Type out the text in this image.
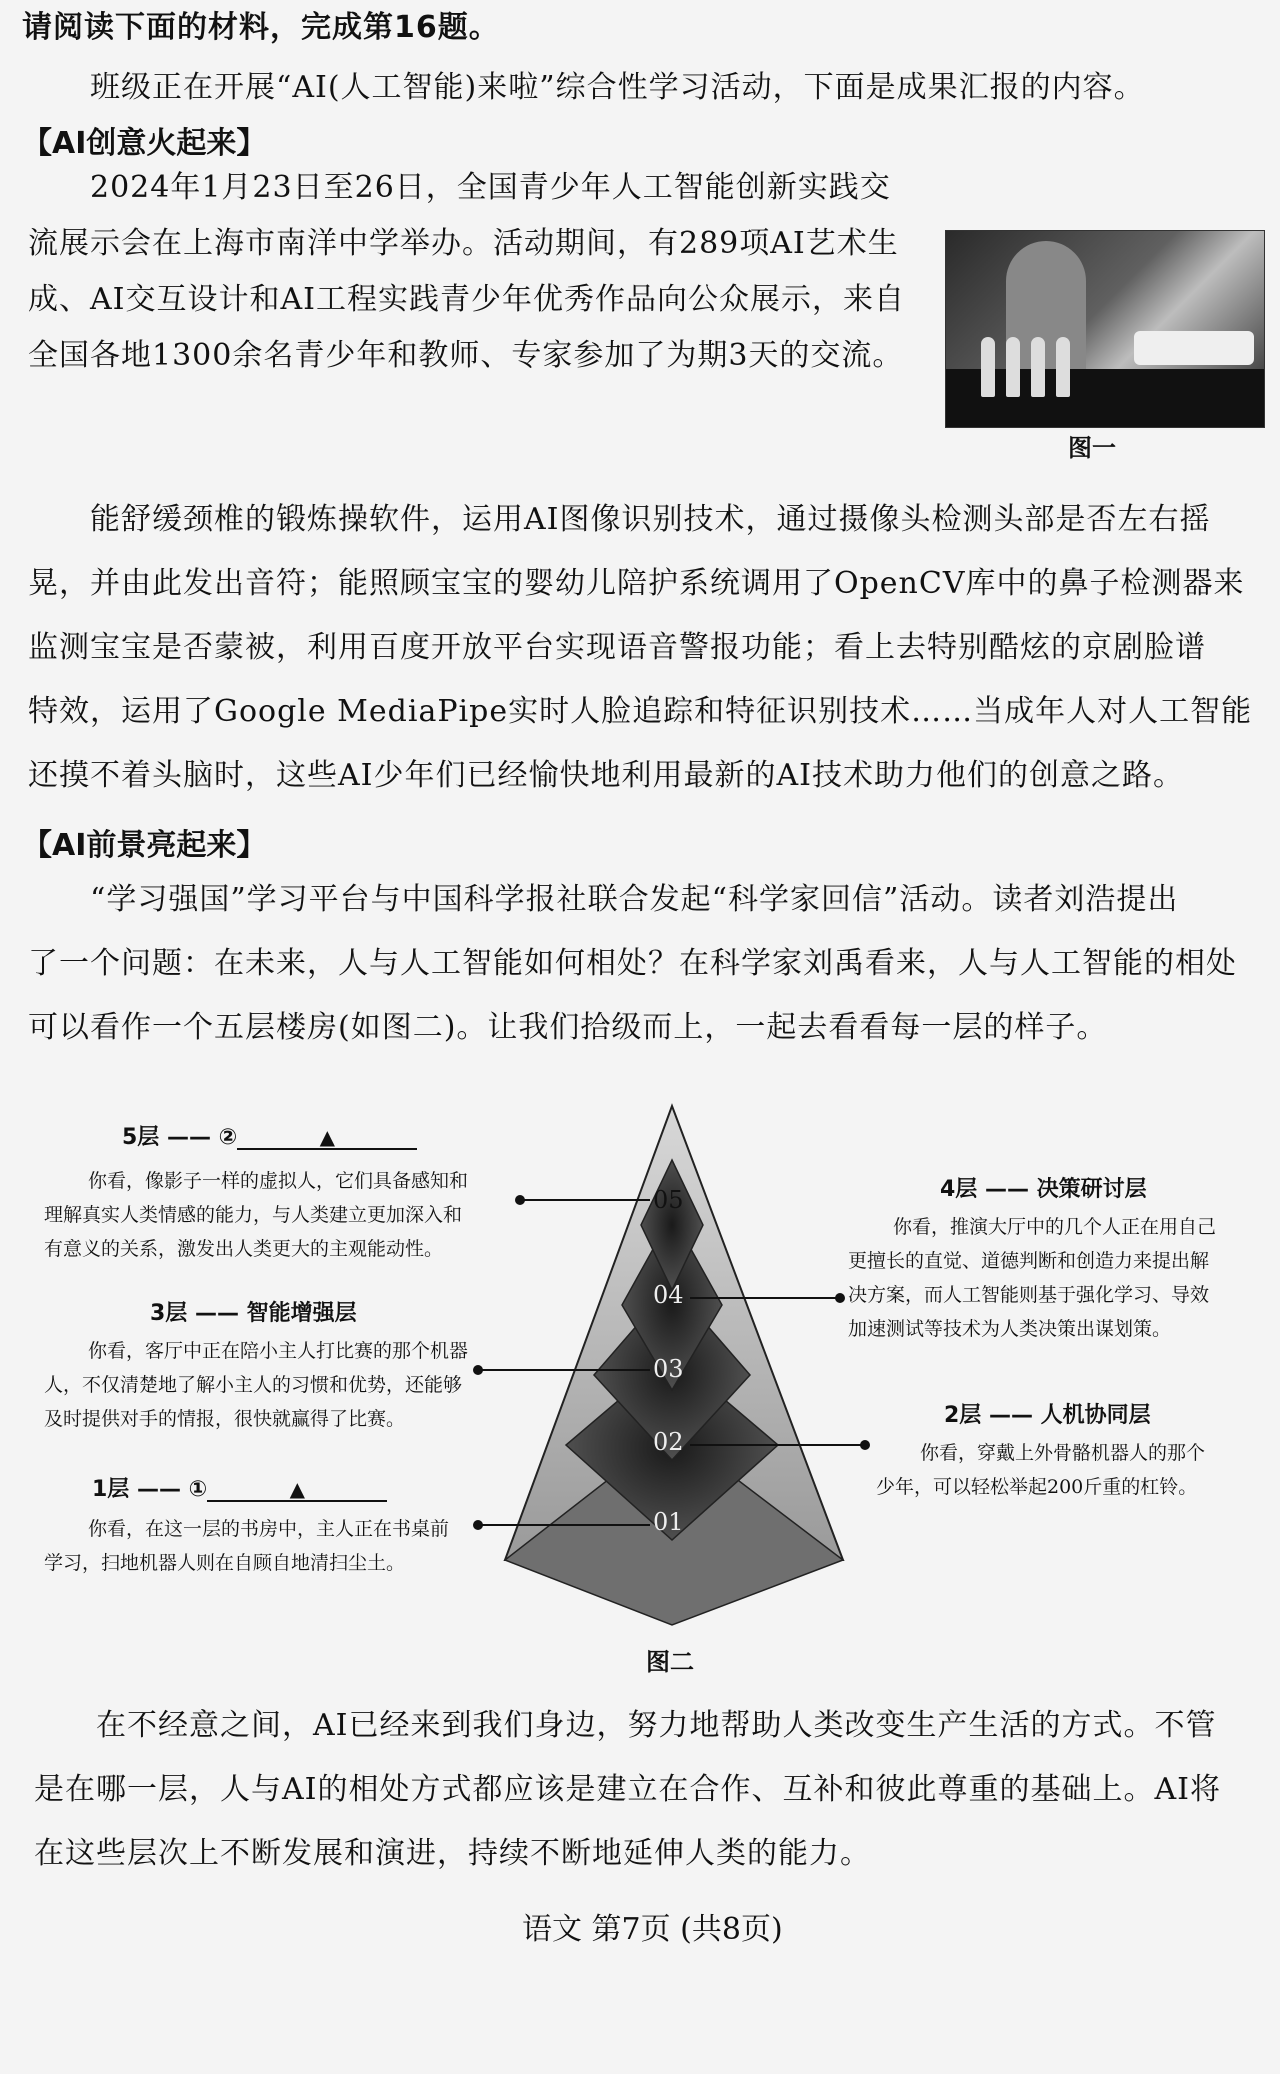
请阅读下面的材料，完成第16题。
班级正在开展“AI(人工智能)来啦”综合性学习活动，下面是成果汇报的内容。
【AI创意火起来】
2024年1月23日至26日，全国青少年人工智能创新实践交
流展示会在上海市南洋中学举办。活动期间，有289项AI艺术生
成、AI交互设计和AI工程实践青少年优秀作品向公众展示，来自
全国各地1300余名青少年和教师、专家参加了为期3天的交流。
图一
能舒缓颈椎的锻炼操软件，运用AI图像识别技术，通过摄像头检测头部是否左右摇
晃，并由此发出音符；能照顾宝宝的婴幼儿陪护系统调用了OpenCV库中的鼻子检测器来
监测宝宝是否蒙被，利用百度开放平台实现语音警报功能；看上去特别酷炫的京剧脸谱
特效，运用了Google MediaPipe实时人脸追踪和特征识别技术……当成年人对人工智能
还摸不着头脑时，这些AI少年们已经愉快地利用最新的AI技术助力他们的创意之路。
【AI前景亮起来】
“学习强国”学习平台与中国科学报社联合发起“科学家回信”活动。读者刘浩提出
了一个问题：在未来，人与人工智能如何相处？在科学家刘禹看来，人与人工智能的相处
可以看作一个五层楼房(如图二)。让我们拾级而上，一起去看看每一层的样子。
05
04
03
02
01
5层 —— ②	▲
你看，像影子一样的虚拟人，它们具备感知和
理解真实人类情感的能力，与人类建立更加深入和
有意义的关系，激发出人类更大的主观能动性。
3层 —— 智能增强层
你看，客厅中正在陪小主人打比赛的那个机器
人，不仅清楚地了解小主人的习惯和优势，还能够
及时提供对手的情报，很快就赢得了比赛。
1层 —— ①	▲
你看，在这一层的书房中，主人正在书桌前
学习，扫地机器人则在自顾自地清扫尘土。
4层 —— 决策研讨层
你看，推演大厅中的几个人正在用自己
更擅长的直觉、道德判断和创造力来提出解
决方案，而人工智能则基于强化学习、导效
加速测试等技术为人类决策出谋划策。
2层 —— 人机协同层
你看，穿戴上外骨骼机器人的那个
少年，可以轻松举起200斤重的杠铃。
图二
在不经意之间，AI已经来到我们身边，努力地帮助人类改变生产生活的方式。不管
是在哪一层，人与AI的相处方式都应该是建立在合作、互补和彼此尊重的基础上。AI将
在这些层次上不断发展和演进，持续不断地延伸人类的能力。
语文 第7页 (共8页)
